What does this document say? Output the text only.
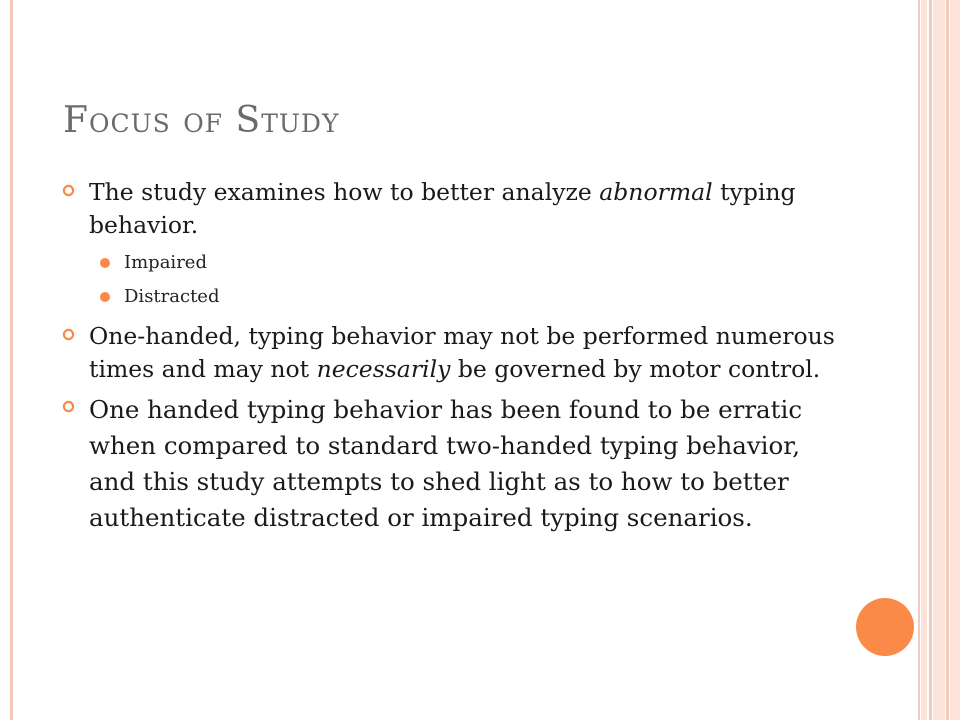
Focus of Study
The study examines how to better analyze abnormal typing behavior.
Impaired
Distracted
One-handed, typing behavior may not be performed numerous times and may not necessarily be governed by motor control.
One handed typing behavior has been found to be erratic when compared to standard two-handed typing behavior, and this study attempts to shed light as to how to better authenticate distracted or impaired typing scenarios.
